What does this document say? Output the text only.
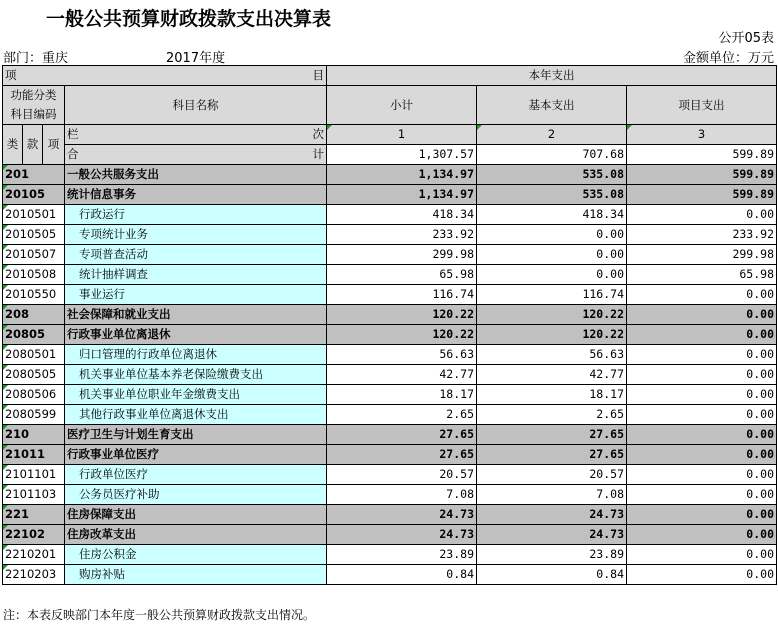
一般公共预算财政拨款支出决算表
公开05表
部门：重庆	2017年度	金额单位：万元
项 目				本年支出		
功能分类
科目编码			科目名称	小计	基本支出	项目支出
类	款	项	栏 次	1	2	3
			合 计	1,307.57	707.68	599.89
201			一般公共服务支出	1,134.97	535.08	599.89
20105			统计信息事务	1,134.97	535.08	599.89
2010501			行政运行	418.34	418.34	0.00
2010505			专项统计业务	233.92	0.00	233.92
2010507			专项普查活动	299.98	0.00	299.98
2010508			统计抽样调查	65.98	0.00	65.98
2010550			事业运行	116.74	116.74	0.00
208			社会保障和就业支出	120.22	120.22	0.00
20805			行政事业单位离退休	120.22	120.22	0.00
2080501			归口管理的行政单位离退休	56.63	56.63	0.00
2080505			机关事业单位基本养老保险缴费支出	42.77	42.77	0.00
2080506			机关事业单位职业年金缴费支出	18.17	18.17	0.00
2080599			其他行政事业单位离退休支出	2.65	2.65	0.00
210			医疗卫生与计划生育支出	27.65	27.65	0.00
21011			行政事业单位医疗	27.65	27.65	0.00
2101101			行政单位医疗	20.57	20.57	0.00
2101103			公务员医疗补助	7.08	7.08	0.00
221			住房保障支出	24.73	24.73	0.00
22102			住房改革支出	24.73	24.73	0.00
2210201			住房公积金	23.89	23.89	0.00
2210203			购房补贴	0.84	0.84	0.00
注：本表反映部门本年度一般公共预算财政拨款支出情况。
